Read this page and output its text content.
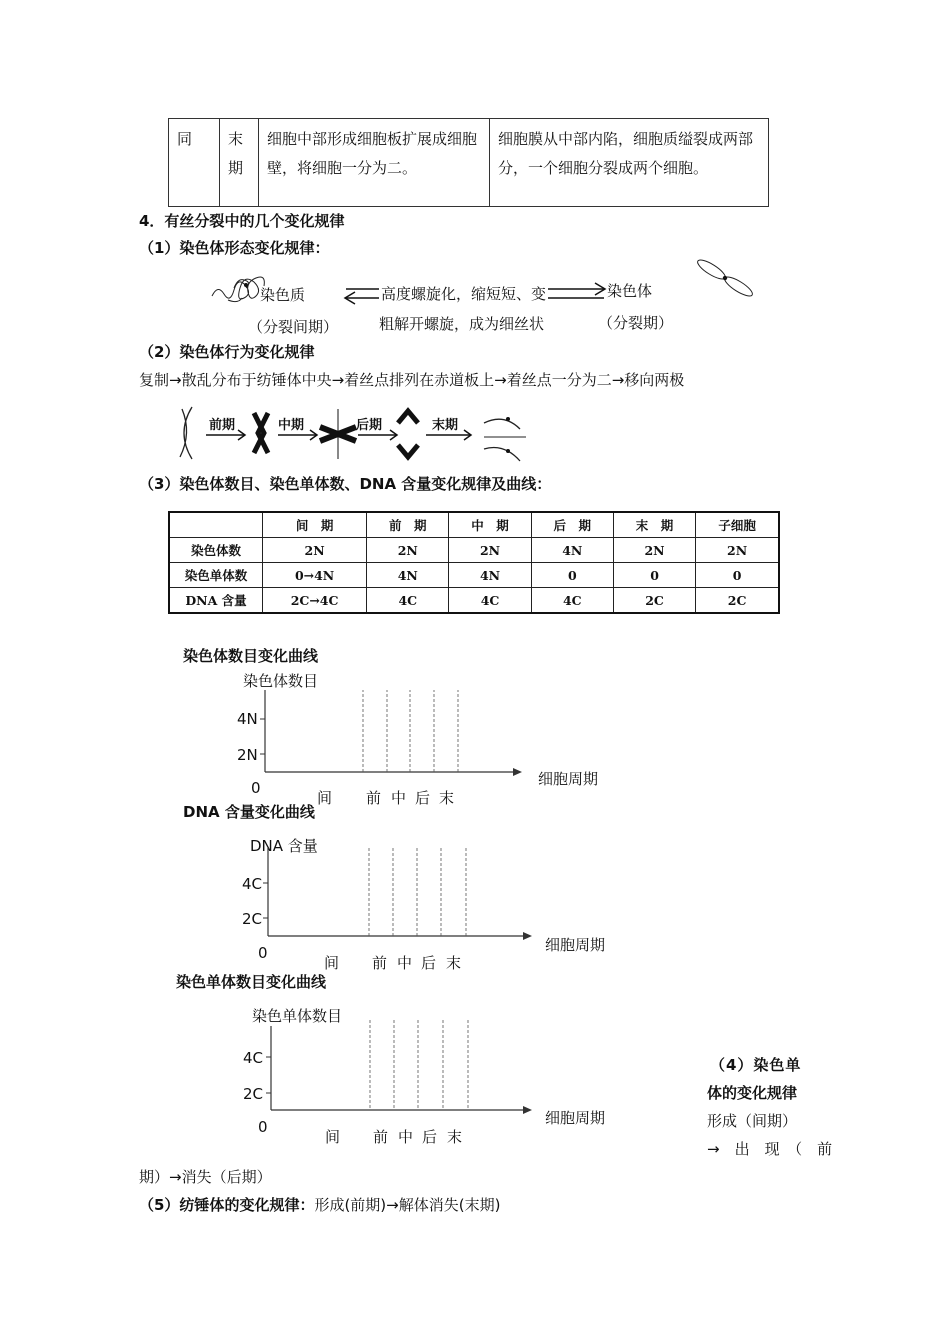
同	末期	细胞中部形成细胞板扩展成细胞壁，将细胞一分为二。	细胞膜从中部内陷，细胞质缢裂成两部分，一个细胞分裂成两个细胞。
4．有丝分裂中的几个变化规律
（1）染色体形态变化规律：
染色质	高度螺旋化，缩短短、变
粗解开螺旋，成为细丝状
染色体
（分裂间期）	（分裂期）
（2）染色体行为变化规律
复制→散乱分布于纺锤体中央→着丝点排列在赤道板上→着丝点一分为二→移向两极
前期	中期	后期	末期
（3）染色体数目、染色单体数、DNA 含量变化规律及曲线：
	间　期	前　期	中　期	后　期	末　期	子细胞
染色体数	2N	2N	2N	4N	2N	2N
染色单体数	0→4N	4N	4N	0	0	0
DNA 含量	2C→4C	4C	4C	4C	2C	2C
染色体数目变化曲线
染色体数目
4N
2N
0	细胞周期
间 前 中 后 末
DNA 含量变化曲线
DNA 含量
4C
2C
0	细胞周期
间 前 中 后 末
染色单体数目变化曲线
染色单体数目
4C
2C
0	细胞周期
间 前 中 后 末
（4）染色单
体的变化规律
形成（间期）
→　出　现　（　前
期）→消失（后期）
（5）纺锤体的变化规律：形成(前期)→解体消失(末期)
